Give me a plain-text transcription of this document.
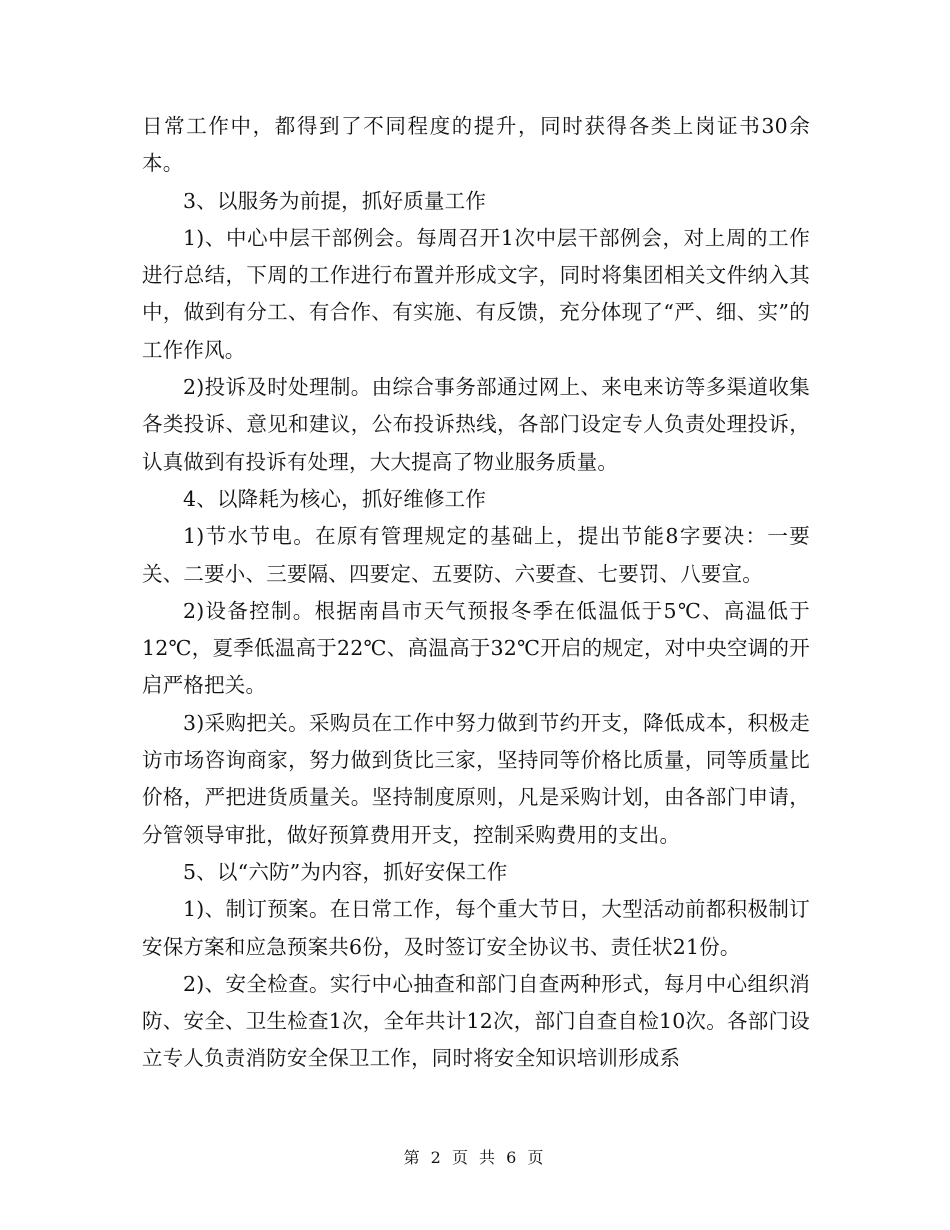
日常工作中，都得到了不同程度的提升，同时获得各类上岗证书30余本。

3、以服务为前提，抓好质量工作

1)、中心中层干部例会。每周召开1次中层干部例会，对上周的工作进行总结，下周的工作进行布置并形成文字，同时将集团相关文件纳入其中，做到有分工、有合作、有实施、有反馈，充分体现了“严、细、实”的工作作风。

2)投诉及时处理制。由综合事务部通过网上、来电来访等多渠道收集各类投诉、意见和建议，公布投诉热线，各部门设定专人负责处理投诉，认真做到有投诉有处理，大大提高了物业服务质量。

4、以降耗为核心，抓好维修工作

1)节水节电。在原有管理规定的基础上，提出节能8字要决：一要关、二要小、三要隔、四要定、五要防、六要查、七要罚、八要宣。

2)设备控制。根据南昌市天气预报冬季在低温低于5℃、高温低于12℃，夏季低温高于22℃、高温高于32℃开启的规定，对中央空调的开启严格把关。

3)采购把关。采购员在工作中努力做到节约开支，降低成本，积极走访市场咨询商家，努力做到货比三家，坚持同等价格比质量，同等质量比价格，严把进货质量关。坚持制度原则，凡是采购计划，由各部门申请，分管领导审批，做好预算费用开支，控制采购费用的支出。

5、以“六防”为内容，抓好安保工作

1)、制订预案。在日常工作，每个重大节日，大型活动前都积极制订安保方案和应急预案共6份，及时签订安全协议书、责任状21份。

2)、安全检查。实行中心抽查和部门自查两种形式，每月中心组织消防、安全、卫生检查1次，全年共计12次，部门自查自检10次。各部门设立专人负责消防安全保卫工作，同时将安全知识培训形成系

第 2 页 共 6 页
